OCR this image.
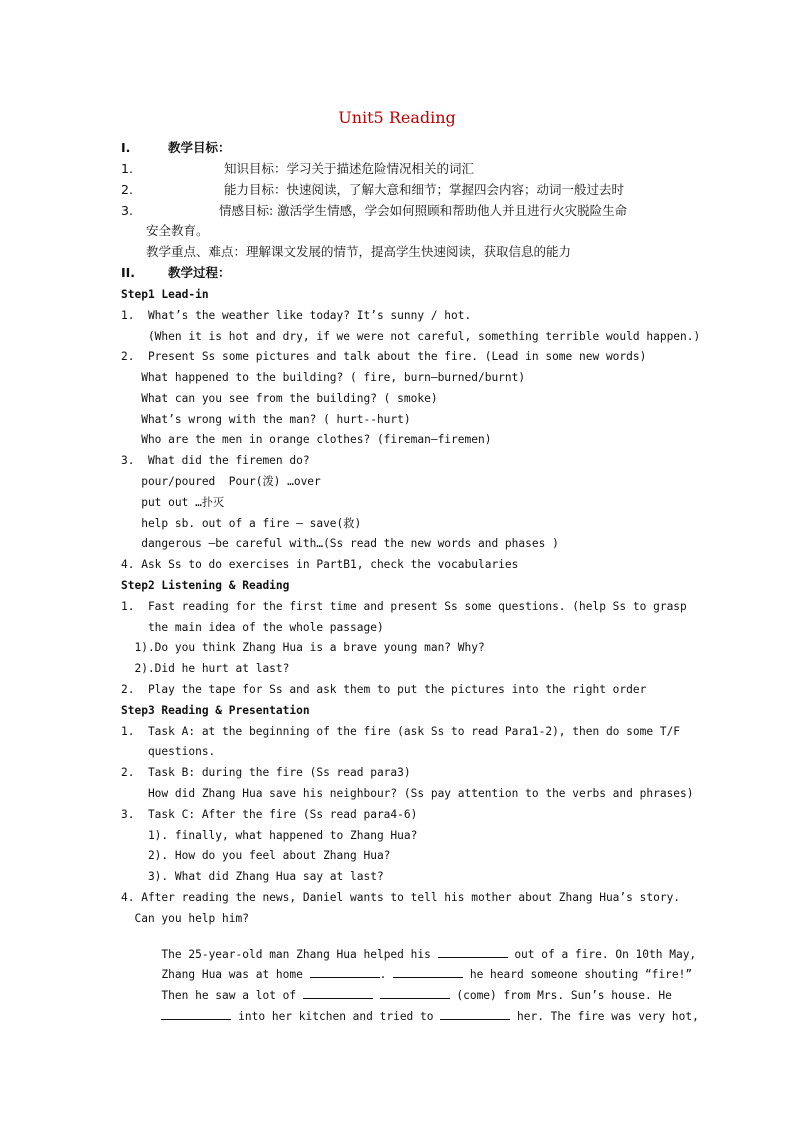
Unit5 Reading
I.	教学目标：
1.	知识目标：学习关于描述危险情况相关的词汇
2.	能力目标：快速阅读，了解大意和细节；掌握四会内容；动词一般过去时
3.	情感目标: 激活学生情感，学会如何照顾和帮助他人并且进行火灾脱险生命
安全教育。
教学重点、难点：理解课文发展的情节，提高学生快速阅读，获取信息的能力
II.	教学过程：
Step1 Lead-in
1.  What’s the weather like today? It’s sunny / hot.
(When it is hot and dry, if we were not careful, something terrible would happen.)
2.  Present Ss some pictures and talk about the fire. (Lead in some new words)
What happened to the building? ( fire, burn—burned/burnt)
What can you see from the building? ( smoke)
What’s wrong with the man? ( hurt--hurt)
Who are the men in orange clothes? (fireman—firemen)
3.  What did the firemen do?
pour/poured  Pour(泼) …over
put out …扑灭
help sb. out of a fire — save(救)
dangerous —be careful with…(Ss read the new words and phases )
4. Ask Ss to do exercises in PartB1, check the vocabularies
Step2 Listening & Reading
1.  Fast reading for the first time and present Ss some questions. (help Ss to grasp
the main idea of the whole passage)
1).Do you think Zhang Hua is a brave young man? Why?
2).Did he hurt at last?
2.  Play the tape for Ss and ask them to put the pictures into the right order
Step3 Reading & Presentation
1.  Task A: at the beginning of the fire (ask Ss to read Para1-2), then do some T/F
questions.
2.  Task B: during the fire (Ss read para3)
How did Zhang Hua save his neighbour? (Ss pay attention to the verbs and phrases)
3.  Task C: After the fire (Ss read para4-6)
1). finally, what happened to Zhang Hua?
2). How do you feel about Zhang Hua?
3). What did Zhang Hua say at last?
4. After reading the news, Daniel wants to tell his mother about Zhang Hua’s story.
Can you help him?

The 25-year-old man Zhang Hua helped his	out of a fire. On 10th May,

Zhang Hua was at home	.	he heard someone shouting “fire!”

Then he saw a lot of	(come) from Mrs. Sun’s house. He

into her kitchen and tried to	her. The fire was very hot,
